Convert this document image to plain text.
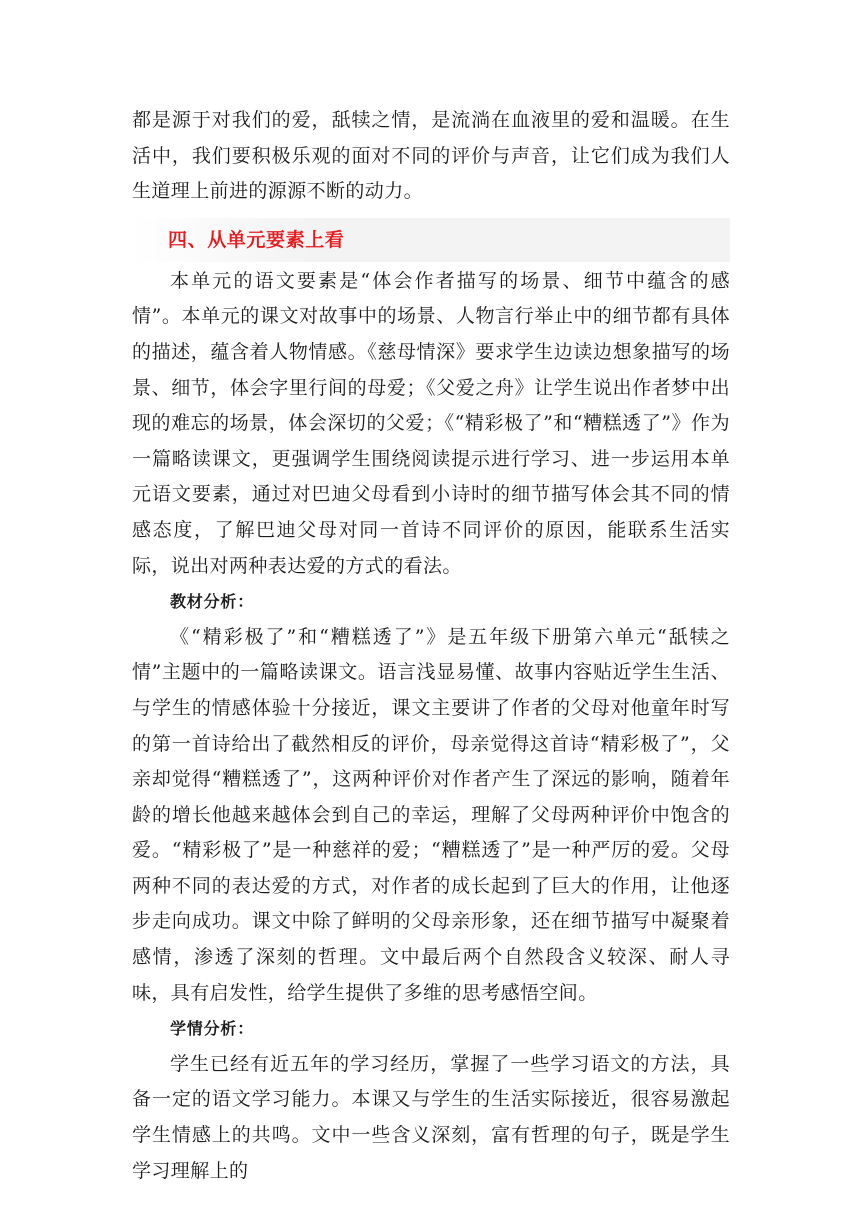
都是源于对我们的爱，舐犊之情，是流淌在血液里的爱和温暖。在生活中，我们要积极乐观的面对不同的评价与声音，让它们成为我们人生道理上前进的源源不断的动力。

四、从单元要素上看

本单元的语文要素是“体会作者描写的场景、细节中蕴含的感情”。本单元的课文对故事中的场景、人物言行举止中的细节都有具体的描述，蕴含着人物情感。《慈母情深》要求学生边读边想象描写的场景、细节，体会字里行间的母爱；《父爱之舟》让学生说出作者梦中出现的难忘的场景，体会深切的父爱；《“精彩极了”和“糟糕透了”》作为一篇略读课文，更强调学生围绕阅读提示进行学习、进一步运用本单元语文要素，通过对巴迪父母看到小诗时的细节描写体会其不同的情感态度，了解巴迪父母对同一首诗不同评价的原因，能联系生活实际，说出对两种表达爱的方式的看法。

教材分析：

《“精彩极了”和“糟糕透了”》是五年级下册第六单元“舐犊之情”主题中的一篇略读课文。语言浅显易懂、故事内容贴近学生生活、与学生的情感体验十分接近，课文主要讲了作者的父母对他童年时写的第一首诗给出了截然相反的评价，母亲觉得这首诗“精彩极了”，父亲却觉得“糟糕透了”，这两种评价对作者产生了深远的影响，随着年龄的增长他越来越体会到自己的幸运，理解了父母两种评价中饱含的爱。“精彩极了”是一种慈祥的爱；“糟糕透了”是一种严厉的爱。父母两种不同的表达爱的方式，对作者的成长起到了巨大的作用，让他逐步走向成功。课文中除了鲜明的父母亲形象，还在细节描写中凝聚着感情，渗透了深刻的哲理。文中最后两个自然段含义较深、耐人寻味，具有启发性，给学生提供了多维的思考感悟空间。

学情分析：

学生已经有近五年的学习经历，掌握了一些学习语文的方法，具备一定的语文学习能力。本课又与学生的生活实际接近，很容易激起学生情感上的共鸣。文中一些含义深刻，富有哲理的句子，既是学生学习理解上的
